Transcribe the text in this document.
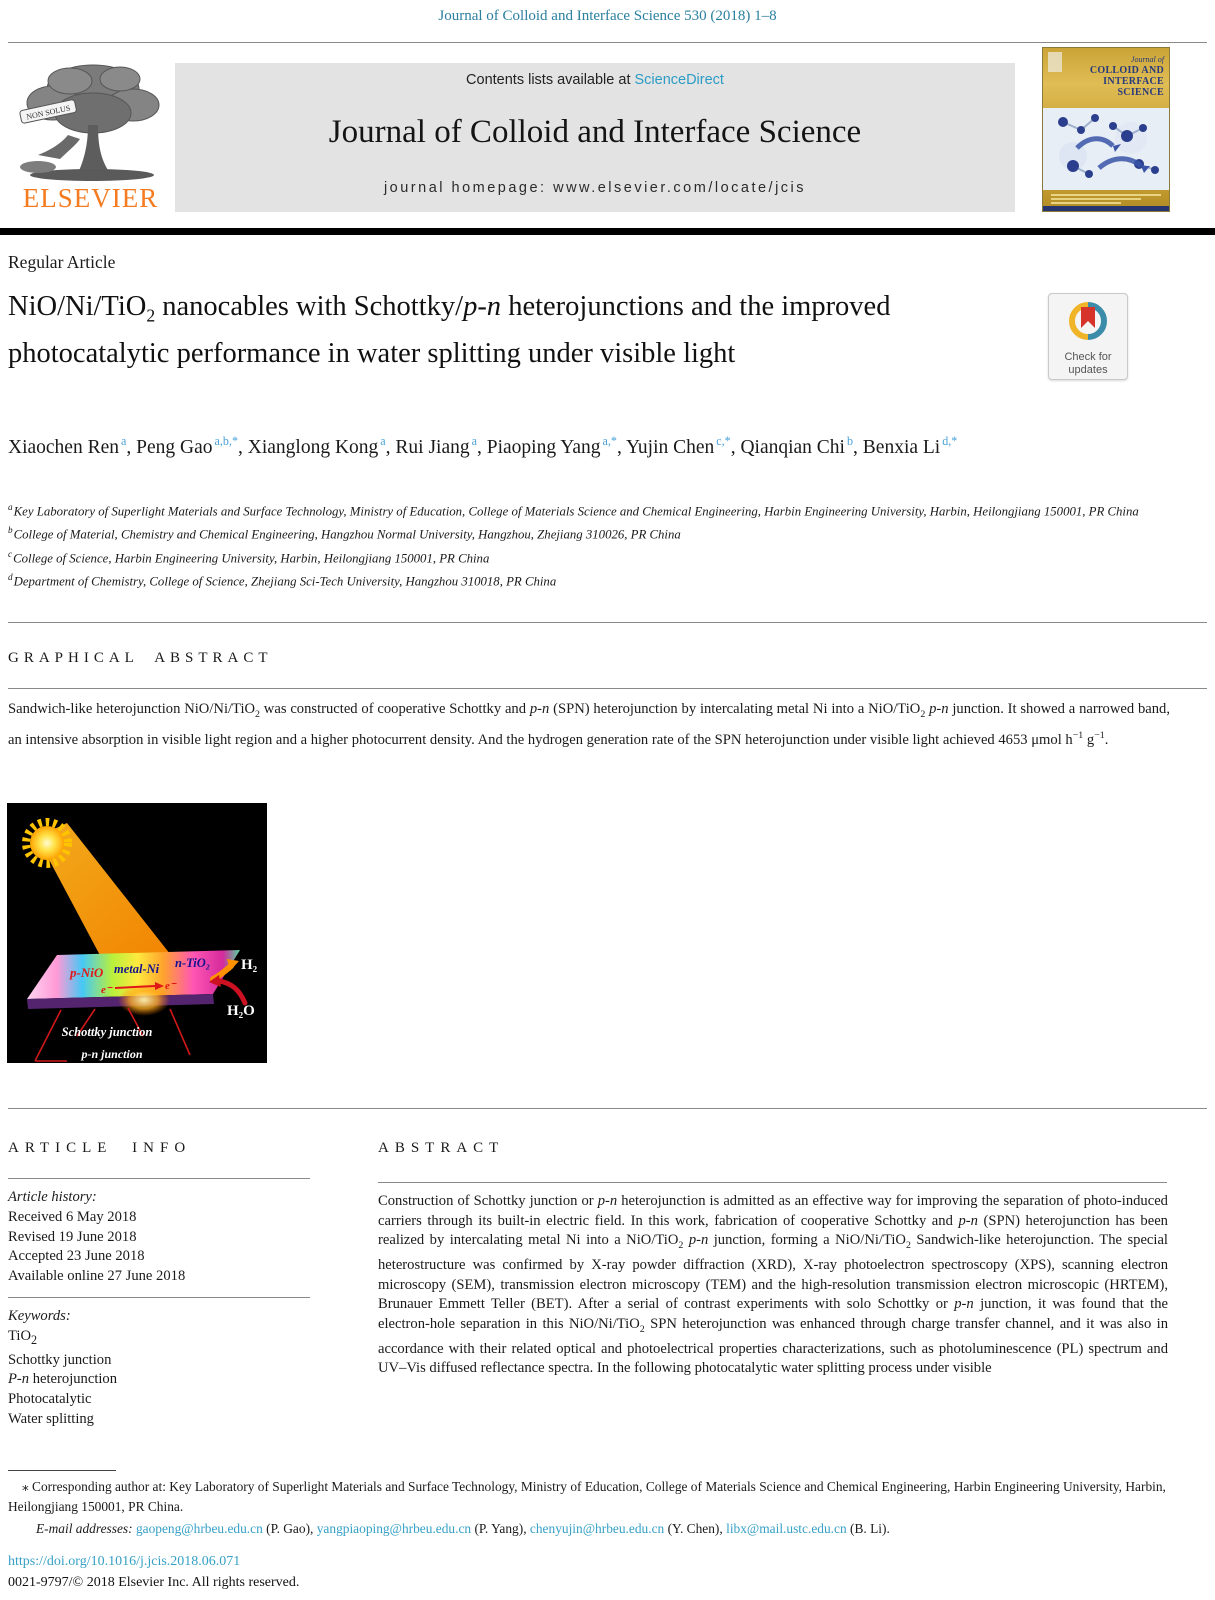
Journal of Colloid and Interface Science 530 (2018) 1–8
NON SOLUS
ELSEVIER
Contents lists available at ScienceDirect
Journal of Colloid and Interface Science
journal homepage: www.elsevier.com/locate/jcis
Journal of
COLLOID AND
INTERFACE
SCIENCE
Regular Article
NiO/Ni/TiO$_2$ nanocables with Schottky/p-n heterojunctions and the improved photocatalytic performance in water splitting under visible light	Check for
updates
Xiaochen Ren $^a$, Peng Gao $^{a,b,*}$, Xianglong Kong $^a$, Rui Jiang $^a$, Piaoping Yang $^{a,*}$, Yujin Chen $^{c,*}$, Qianqian Chi $^b$, Benxia Li $^{d,*}$
$^a$Key Laboratory of Superlight Materials and Surface Technology, Ministry of Education, College of Materials Science and Chemical Engineering, Harbin Engineering University, Harbin, Heilongjiang 150001, PR China
$^b$College of Material, Chemistry and Chemical Engineering, Hangzhou Normal University, Hangzhou, Zhejiang 310026, PR China
$^c$College of Science, Harbin Engineering University, Harbin, Heilongjiang 150001, PR China
$^d$Department of Chemistry, College of Science, Zhejiang Sci-Tech University, Hangzhou 310018, PR China
GRAPHICAL ABSTRACT
Sandwich-like heterojunction NiO/Ni/TiO$_2$ was constructed of cooperative Schottky and p-n (SPN) heterojunction by intercalating metal Ni into a NiO/TiO$_2$ p-n junction. It showed a narrowed band, an intensive absorption in visible light region and a higher photocurrent density. And the hydrogen generation rate of the SPN heterojunction under visible light achieved 4653 μmol $h^{-1}$ $g^{-1}$.
p-NiO metal-Ni n-TiO₂
e⁻	e⁻
H₂
H₂O
Schottky junction
p-n junction
ARTICLE INFO
Article history:
Received 6 May 2018
Revised 19 June 2018
Accepted 23 June 2018
Available online 27 June 2018
Keywords:
TiO$_2$
Schottky junction
P-n heterojunction
Photocatalytic
Water splitting
ABSTRACT
Construction of Schottky junction or p-n heterojunction is admitted as an effective way for improving the separation of photo-induced carriers through its built-in electric field. In this work, fabrication of cooperative Schottky and p-n (SPN) heterojunction has been realized by intercalating metal Ni into a NiO/TiO$_2$ p-n junction, forming a NiO/Ni/TiO$_2$ Sandwich-like heterojunction. The special heterostructure was confirmed by X-ray powder diffraction (XRD), X-ray photoelectron spectroscopy (XPS), scanning electron microscopy (SEM), transmission electron microscopy (TEM) and the high-resolution transmission electron microscopic (HRTEM), Brunauer Emmett Teller (BET). After a serial of contrast experiments with solo Schottky or p-n junction, it was found that the electron-hole separation in this NiO/Ni/TiO$_2$ SPN heterojunction was enhanced through charge transfer channel, and it was also in accordance with their related optical and photoelectrical properties characterizations, such as photoluminescence (PL) spectrum and UV–Vis diffused reflectance spectra. In the following photocatalytic water splitting process under visible
⁎ Corresponding author at: Key Laboratory of Superlight Materials and Surface Technology, Ministry of Education, College of Materials Science and Chemical Engineering, Harbin Engineering University, Harbin, Heilongjiang 150001, PR China.
E-mail addresses: gaopeng@hrbeu.edu.cn (P. Gao), yangpiaoping@hrbeu.edu.cn (P. Yang), chenyujin@hrbeu.edu.cn (Y. Chen), libx@mail.ustc.edu.cn (B. Li).
https://doi.org/10.1016/j.jcis.2018.06.071
0021-9797/© 2018 Elsevier Inc. All rights reserved.
